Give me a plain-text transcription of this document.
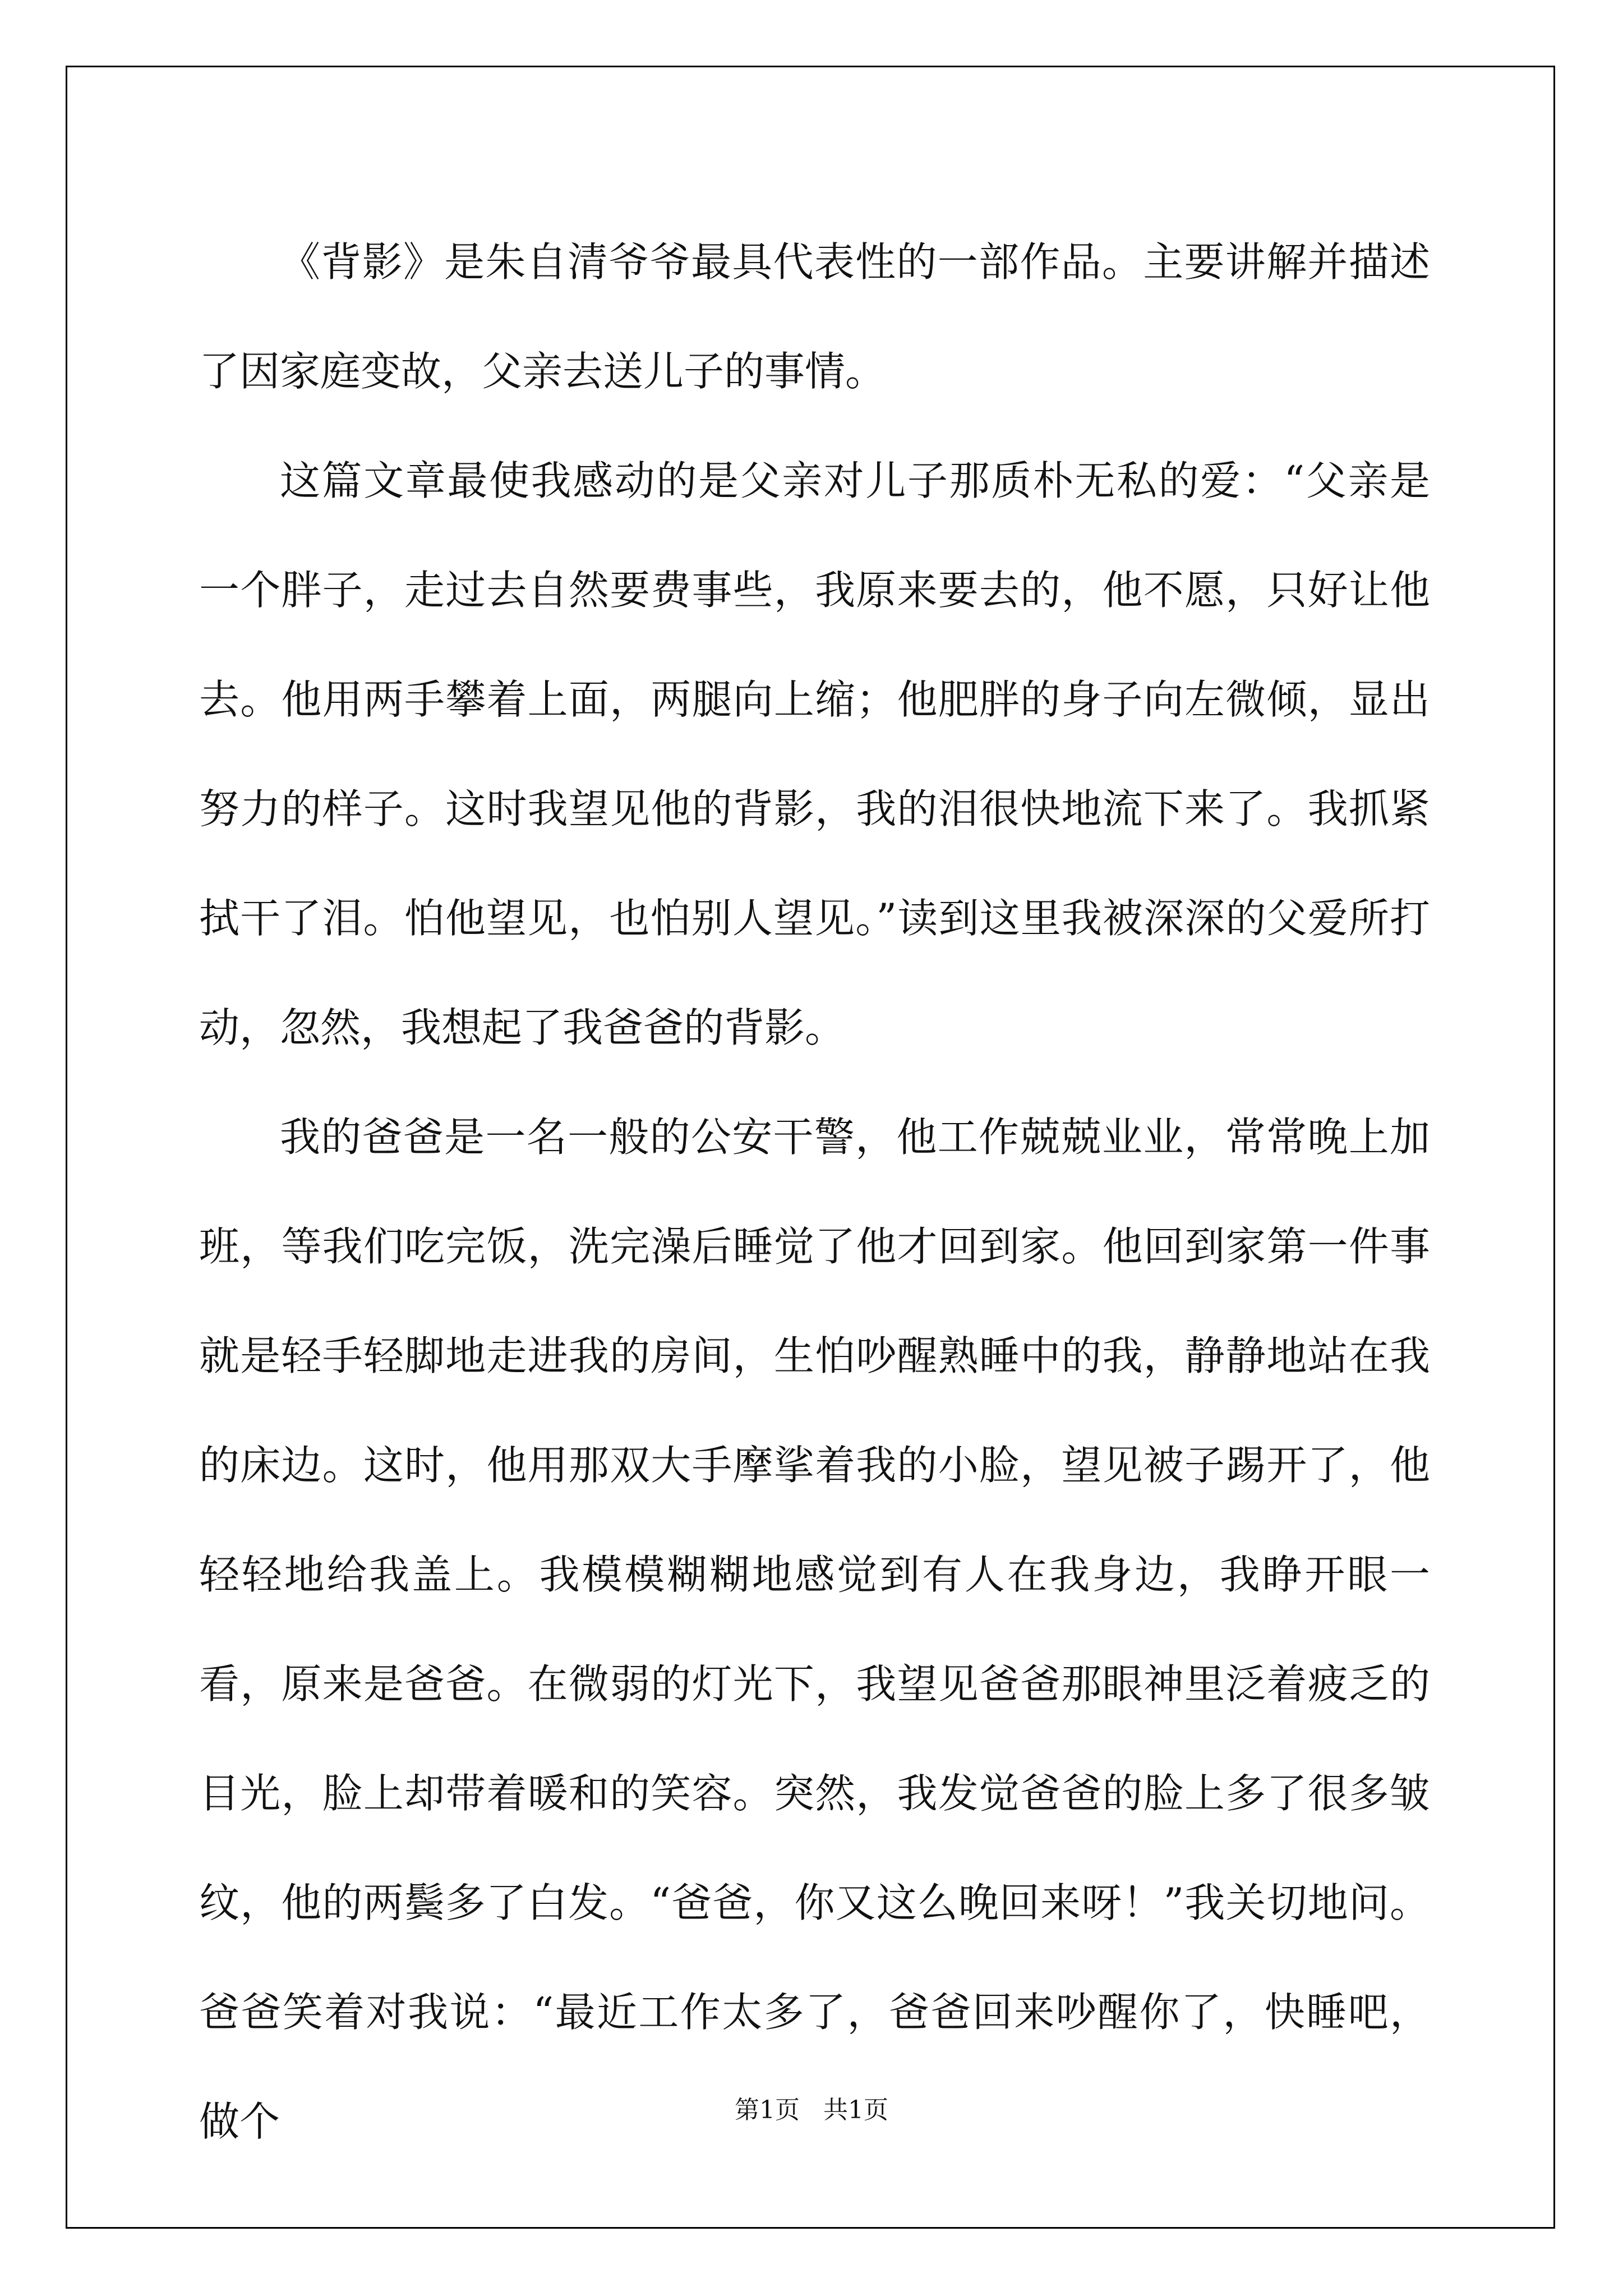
《背影》是朱自清爷爷最具代表性的一部作品。主要讲解并描述了因家庭变故，父亲去送儿子的事情。

这篇文章最使我感动的是父亲对儿子那质朴无私的爱：“父亲是一个胖子，走过去自然要费事些，我原来要去的，他不愿，只好让他去。他用两手攀着上面，两腿向上缩；他肥胖的身子向左微倾，显出努力的样子。这时我望见他的背影，我的泪很快地流下来了。我抓紧拭干了泪。怕他望见，也怕别人望见。”读到这里我被深深的父爱所打动，忽然，我想起了我爸爸的背影。

我的爸爸是一名一般的公安干警，他工作兢兢业业，常常晚上加班，等我们吃完饭，洗完澡后睡觉了他才回到家。他回到家第一件事就是轻手轻脚地走进我的房间，生怕吵醒熟睡中的我，静静地站在我的床边。这时，他用那双大手摩挲着我的小脸，望见被子踢开了，他轻轻地给我盖上。我模模糊糊地感觉到有人在我身边，我睁开眼一看，原来是爸爸。在微弱的灯光下，我望见爸爸那眼神里泛着疲乏的目光，脸上却带着暖和的笑容。突然，我发觉爸爸的脸上多了很多皱纹，他的两鬓多了白发。“爸爸，你又这么晚回来呀！”我关切地问。爸爸笑着对我说：“最近工作太多了，爸爸回来吵醒你了，快睡吧，做个	第1页   共1页
